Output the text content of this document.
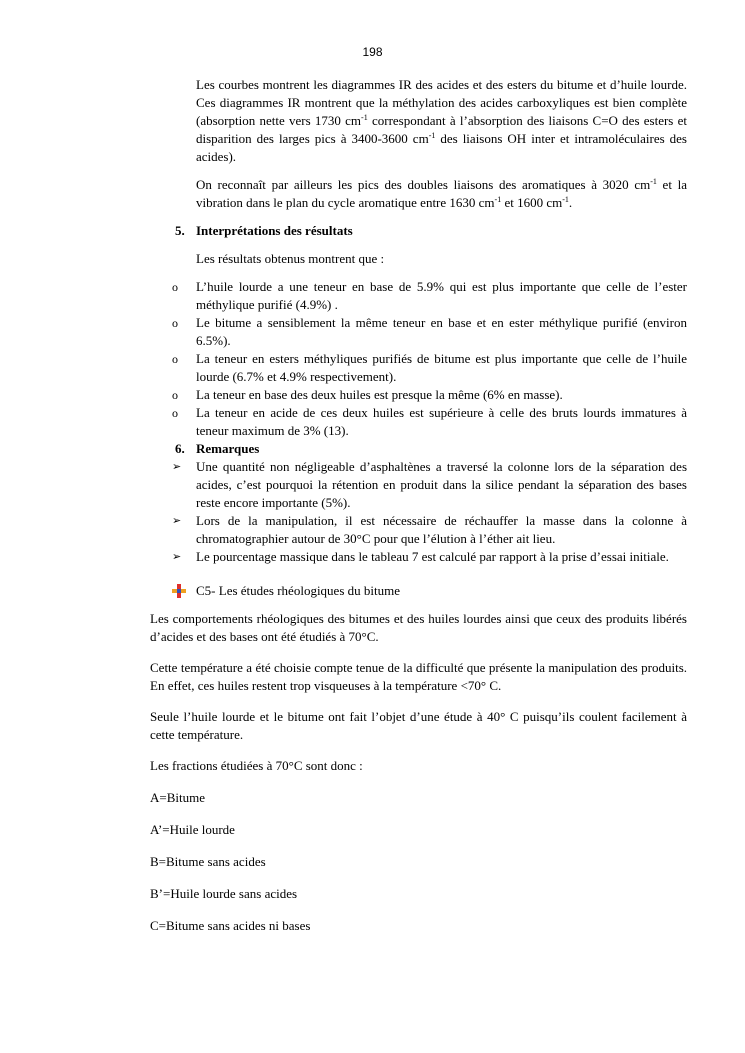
198

Les courbes montrent les diagrammes IR des acides et des esters du bitume et d’huile lourde. Ces diagrammes IR montrent que la méthylation des acides carboxyliques est bien complète (absorption nette vers 1730 $cm^{-1}$ correspondant à l’absorption des liaisons C=O des esters et disparition des larges pics à 3400-3600 $cm^{-1}$ des liaisons OH inter et intramoléculaires des acides).

On reconnaît par ailleurs les pics des doubles liaisons des aromatiques à 3020 $cm^{-1}$ et la vibration dans le plan du cycle aromatique entre 1630 $cm^{-1}$ et 1600 $cm^{-1}$.

5. Interprétations des résultats

Les résultats obtenus montrent que :

o L’huile lourde a une teneur en base de 5.9% qui est plus importante que celle de l’ester méthylique purifié (4.9%) .

o Le bitume a sensiblement la même teneur en base et en ester méthylique purifié (environ 6.5%).

o La teneur en esters méthyliques purifiés de bitume est plus importante que celle de l’huile lourde (6.7% et 4.9% respectivement).

o La teneur en base des deux huiles est presque la même (6% en masse).

o La teneur en acide de ces deux huiles est supérieure à celle des bruts lourds immatures à teneur maximum de 3% (13).

6. Remarques
➢ Une quantité non négligeable d’asphaltènes a traversé la colonne lors de la séparation des acides, c’est pourquoi la rétention en produit dans la silice pendant la séparation des bases reste encore importante (5%).

➢ Lors de la manipulation, il est nécessaire de réchauffer la masse dans la colonne à chromatographier autour de 30°C pour que l’élution à l’éther ait lieu.

➢ Le pourcentage massique dans le tableau 7 est calculé par rapport à la prise d’essai initiale.

C5- Les études rhéologiques du bitume

Les comportements rhéologiques des bitumes et des huiles lourdes ainsi que ceux des produits libérés d’acides et des bases ont été étudiés à 70°C.

Cette température a été choisie compte tenue de la difficulté que présente la manipulation des produits. En effet, ces huiles restent trop visqueuses à la température <70° C.

Seule l’huile lourde et le bitume ont fait l’objet d’une étude à 40° C puisqu’ils coulent facilement à cette température.

Les fractions étudiées à 70°C sont donc :

A=Bitume

A’=Huile lourde

B=Bitume sans acides

B’=Huile lourde sans acides

C=Bitume sans acides ni bases
